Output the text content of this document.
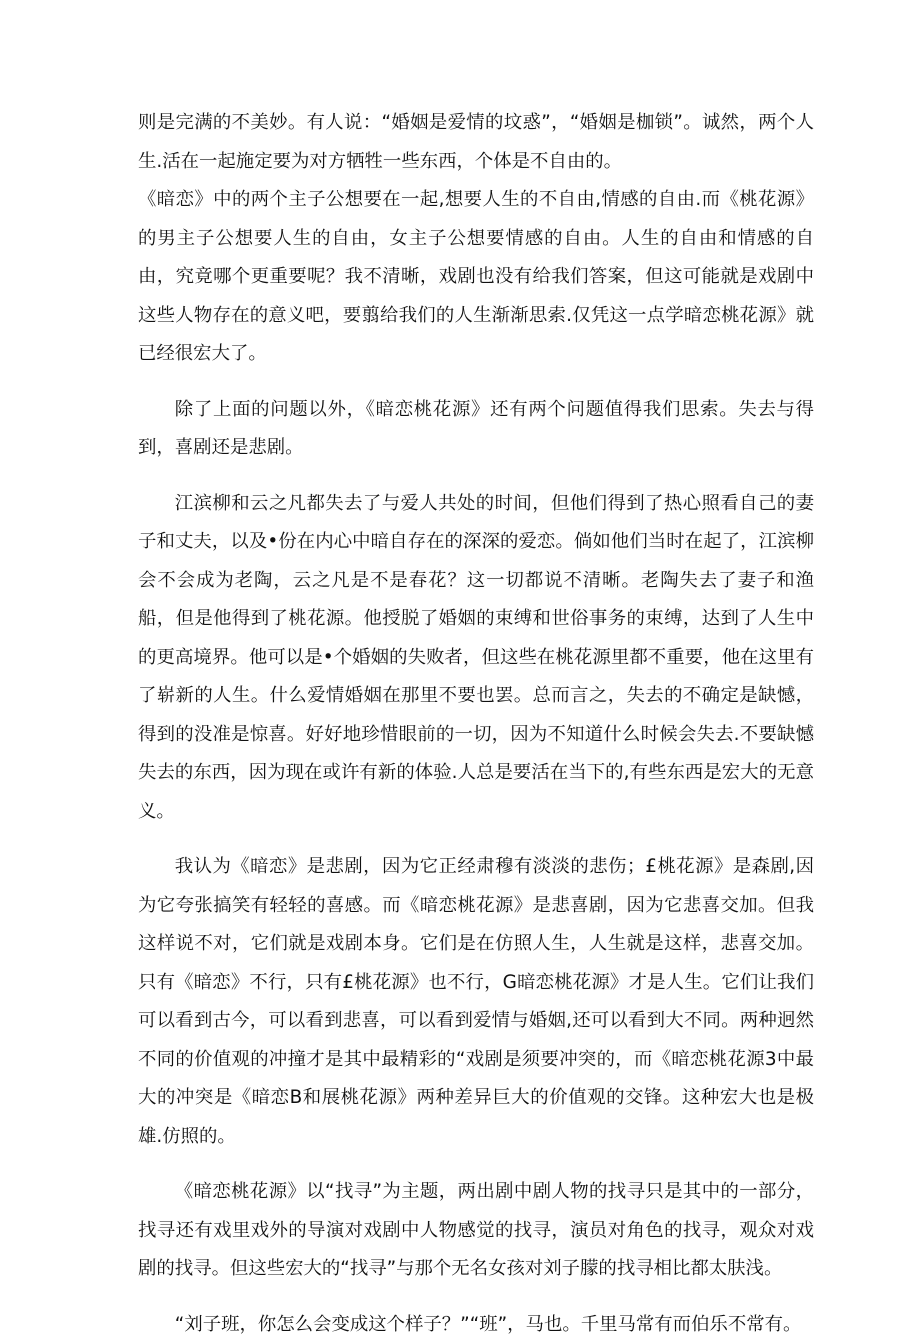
则是完满的不美妙。有人说：“婚姻是爱情的坟惑”，“婚姻是枷锁”。诚然，两个人生.活在一起施定要为对方牺牲一些东西，个体是不自由的。

《暗恋》中的两个主子公想要在一起,想要人生的不自由,情感的自由.而《桃花源》的男主子公想要人生的自由，女主子公想要情感的自由。人生的自由和情感的自由，究竟哪个更重要呢？我不清晰，戏剧也没有给我们答案，但这可能就是戏剧中这些人物存在的意义吧，要翦给我们的人生渐渐思索.仅凭这一点学暗恋桃花源》就已经很宏大了。

除了上面的问题以外，《暗恋桃花源》还有两个问题值得我们思索。失去与得到，喜剧还是悲剧。

江滨柳和云之凡都失去了与爱人共处的时间，但他们得到了热心照看自己的妻子和丈夫，以及•份在内心中暗自存在的深深的爱恋。倘如他们当时在起了，江滨柳会不会成为老陶，云之凡是不是春花？这一切都说不清晰。老陶失去了妻子和渔船，但是他得到了桃花源。他授脱了婚姻的束缚和世俗事务的束缚，达到了人生中的更高境界。他可以是•个婚姻的失败者，但这些在桃花源里都不重要，他在这里有了崭新的人生。什么爱情婚姻在那里不要也罢。总而言之，失去的不确定是缺憾，得到的没准是惊喜。好好地珍惜眼前的一切，因为不知道什么时候会失去.不要缺憾失去的东西，因为现在或许有新的体验.人总是要活在当下的,有些东西是宏大的无意义。

我认为《暗恋》是悲剧，因为它正经肃穆有淡淡的悲伤；£桃花源》是森剧,因为它夸张搞笑有轻轻的喜感。而《暗恋桃花源》是悲喜剧，因为它悲喜交加。但我这样说不对，它们就是戏剧本身。它们是在仿照人生，人生就是这样，悲喜交加。只有《暗恋》不行，只有£桃花源》也不行，G暗恋桃花源》才是人生。它们让我们可以看到古今，可以看到悲喜，可以看到爱情与婚姻,还可以看到大不同。两种迥然不同的价值观的冲撞才是其中最精彩的“戏剧是须要冲突的，而《暗恋桃花源3中最大的冲突是《暗恋B和展桃花源》两种差异巨大的价值观的交锋。这种宏大也是极雄.仿照的。

《暗恋桃花源》以“找寻”为主题，两出剧中剧人物的找寻只是其中的一部分，找寻还有戏里戏外的导演对戏剧中人物感觉的找寻，演员对角色的找寻，观众对戏剧的找寻。但这些宏大的“找寻”与那个无名女孩对刘子朦的找寻相比都太肤浅。

“刘子班，你怎么会变成这个样子？”“班”，马也。千里马常有而伯乐不常有。
